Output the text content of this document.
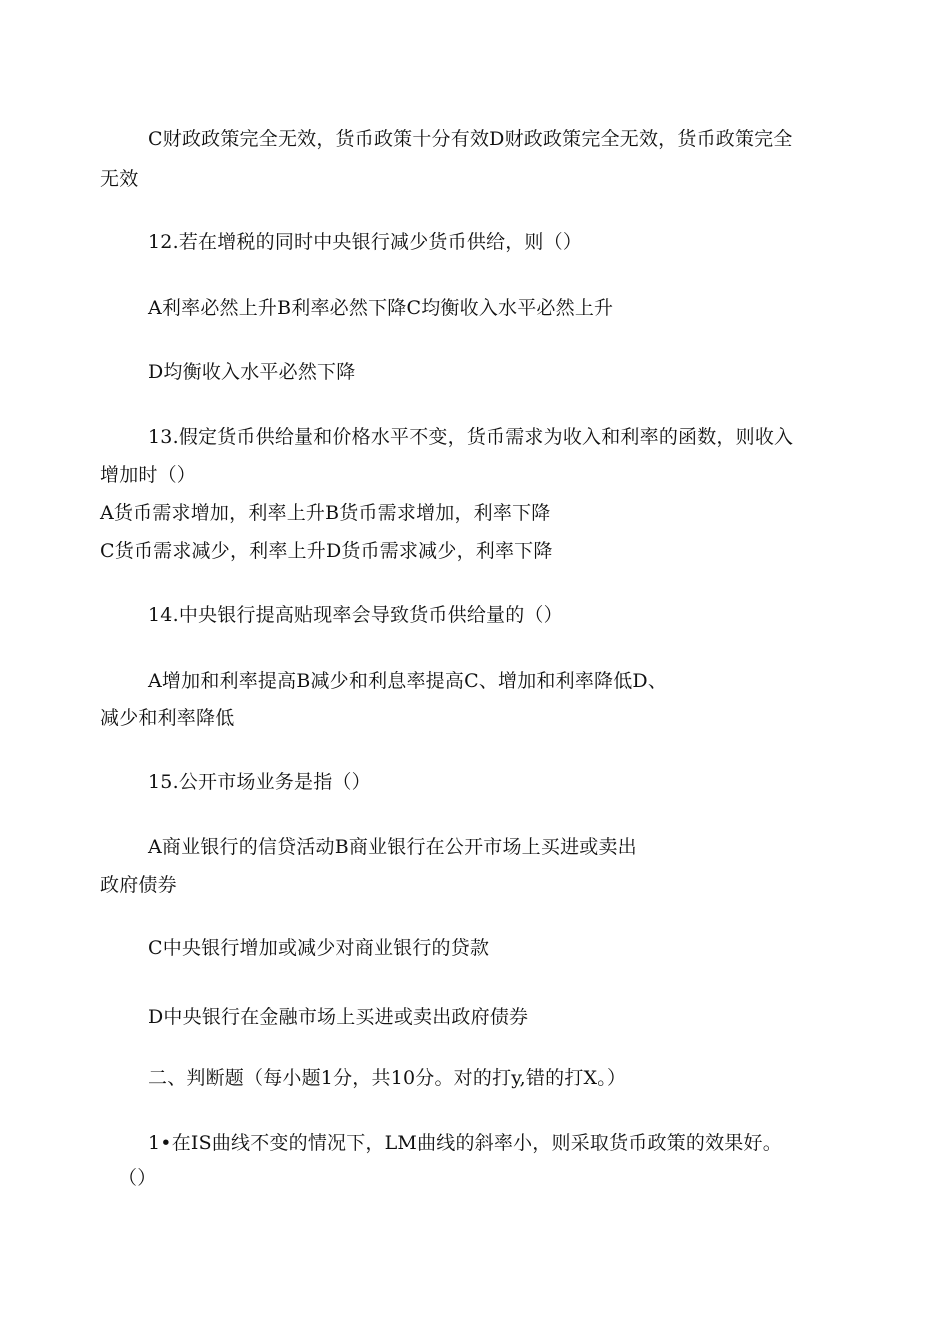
C财政政策完全无效，货币政策十分有效D财政政策完全无效，货币政策完全
无效
12.若在增税的同时中央银行减少货币供给，则（）
A利率必然上升B利率必然下降C均衡收入水平必然上升
D均衡收入水平必然下降
13.假定货币供给量和价格水平不变，货币需求为收入和利率的函数，则收入
增加时（）
A货币需求增加，利率上升B货币需求增加，利率下降
C货币需求减少，利率上升D货币需求减少，利率下降
14.中央银行提高贴现率会导致货币供给量的（）
A增加和利率提高B减少和利息率提高C、增加和利率降低D、
减少和利率降低
15.公开市场业务是指（）
A商业银行的信贷活动B商业银行在公开市场上买进或卖出
政府债券
C中央银行增加或减少对商业银行的贷款
D中央银行在金融市场上买进或卖出政府债券
二、判断题（每小题1分，共10分。对的打y,错的打X。）
1•在IS曲线不变的情况下，LM曲线的斜率小，则采取货币政策的效果好。
（）
